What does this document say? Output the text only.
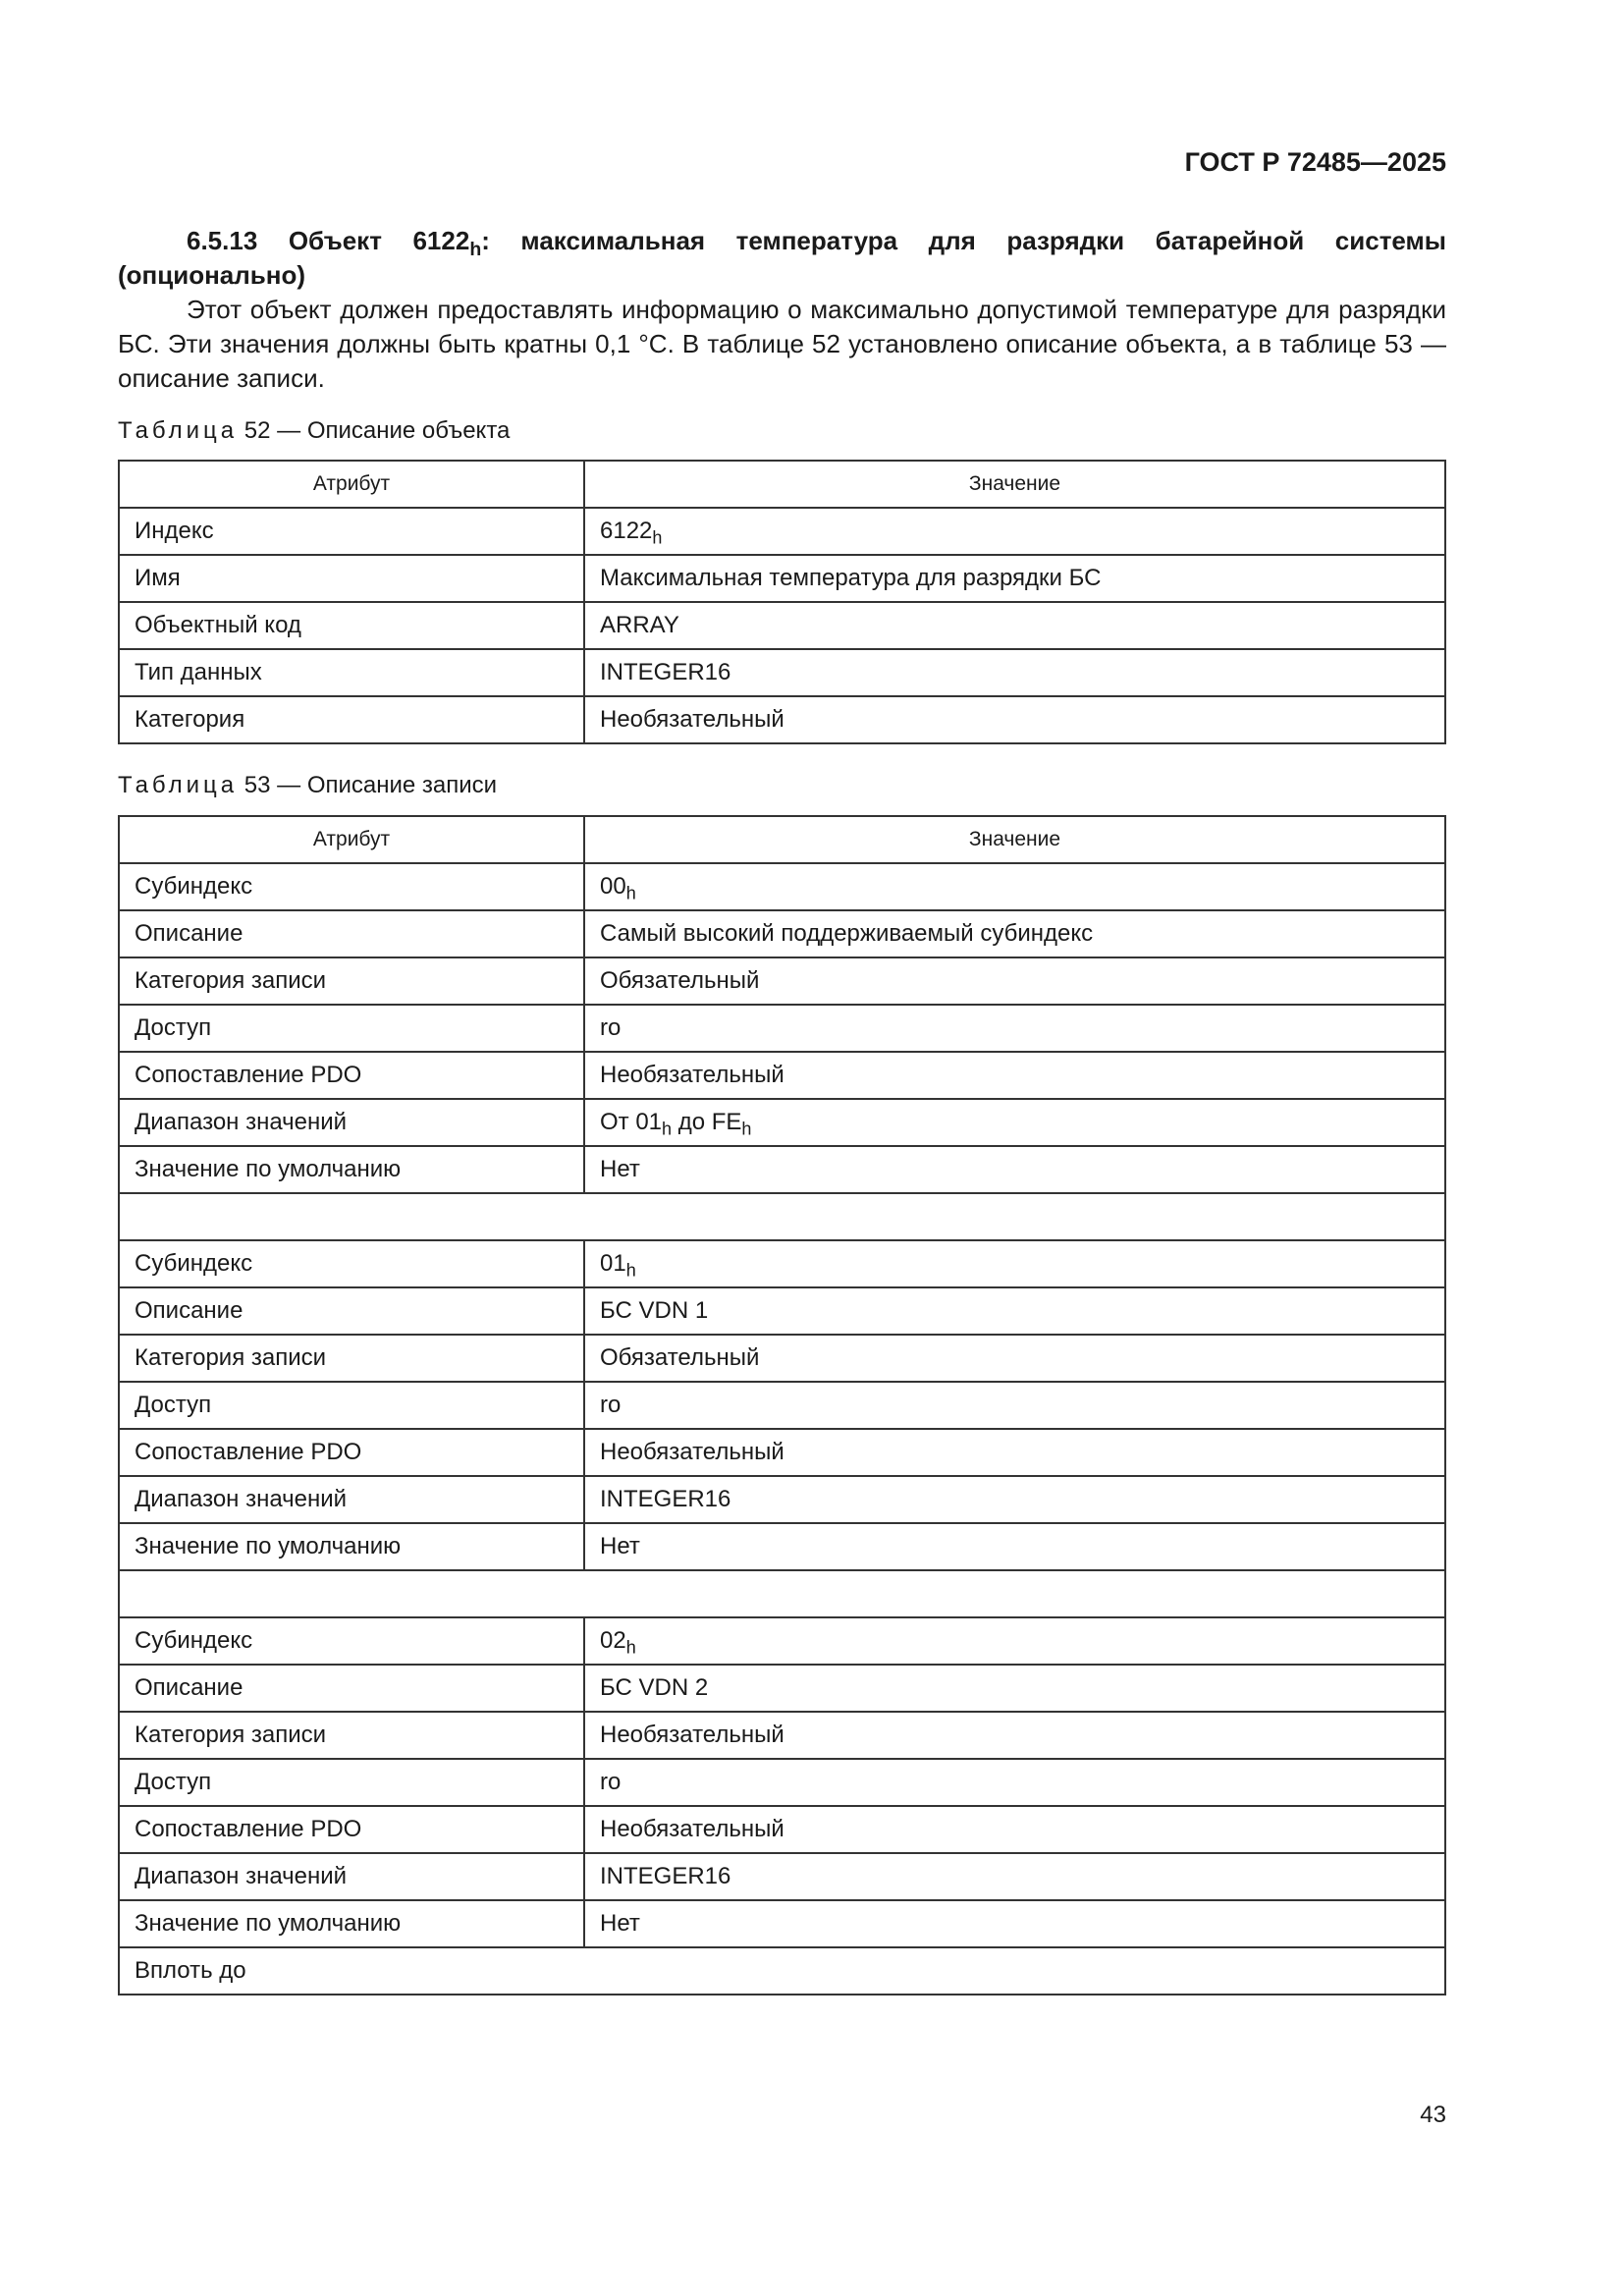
ГОСТ Р 72485—2025

6.5.13 Объект $6122_h$: максимальная температура для разрядки батарейной системы (опционально)

Этот объект должен предоставлять информацию о максимально допустимой температуре для разрядки БС. Эти значения должны быть кратны 0,1 °С. В таблице 52 установлено описание объекта, а в таблице 53 — описание записи.

Таблица 52 — Описание объекта
Атрибут	Значение
Индекс	$6122_h$
Имя	Максимальная температура для разрядки БС
Объектный код	ARRAY
Тип данных	INTEGER16
Категория	Необязательный
Таблица 53 — Описание записи
Атрибут	Значение
Субиндекс	$00_h$
Описание	Самый высокий поддерживаемый субиндекс
Категория записи	Обязательный
Доступ	ro
Сопоставление PDO	Необязательный
Диапазон значений	От $01_h$ до $FE_h$
Значение по умолчанию	Нет

Субиндекс	$01_h$
Описание	БС VDN 1
Категория записи	Обязательный
Доступ	ro
Сопоставление PDO	Необязательный
Диапазон значений	INTEGER16
Значение по умолчанию	Нет

Субиндекс	$02_h$
Описание	БС VDN 2
Категория записи	Необязательный
Доступ	ro
Сопоставление PDO	Необязательный
Диапазон значений	INTEGER16
Значение по умолчанию	Нет
Вплоть до	
43
